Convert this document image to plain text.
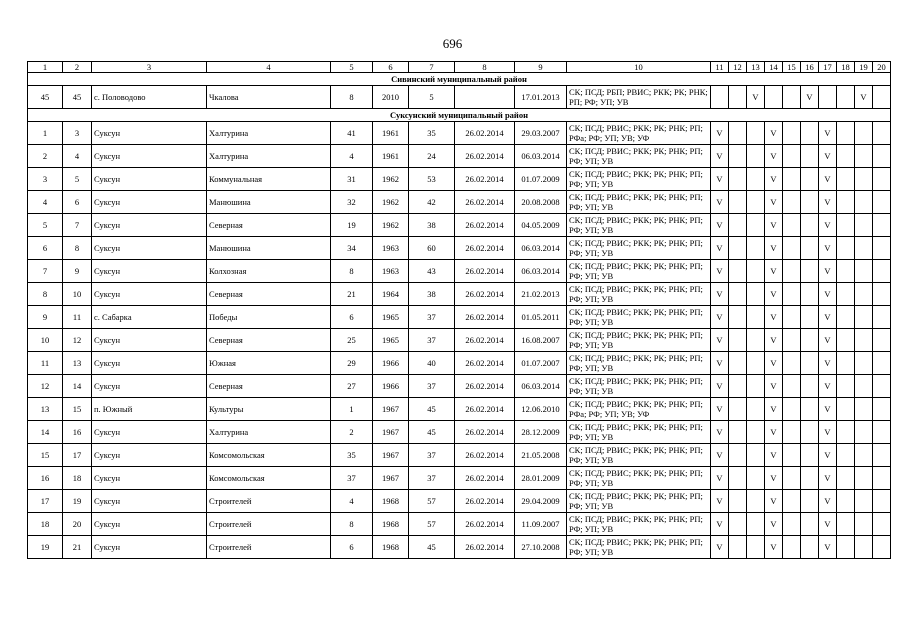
696
1	2	3	4	5	6	7	8	9	10	11	12	13	14	15	16	17	18	19	20
Сивинский муниципальный район																			
45	45	с. Половодово	Чкалова	8	2010	5		17.01.2013	СК; ПСД; РБП; РВИС; РКК; РК; РНК; РП; РФ; УП; УВ			V			V			V	
Суксунский муниципальный район																			
1	3	Суксун	Халтурина	41	1961	35	26.02.2014	29.03.2007	СК; ПСД; РВИС; РКК; РК; РНК; РП; РФа; РФ; УП; УВ; УФ	V			V			V			
2	4	Суксун	Халтурина	4	1961	24	26.02.2014	06.03.2014	СК; ПСД; РВИС; РКК; РК; РНК; РП; РФ; УП; УВ	V			V			V			
3	5	Суксун	Коммунальная	31	1962	53	26.02.2014	01.07.2009	СК; ПСД; РВИС; РКК; РК; РНК; РП; РФ; УП; УВ	V			V			V			
4	6	Суксун	Манюшина	32	1962	42	26.02.2014	20.08.2008	СК; ПСД; РВИС; РКК; РК; РНК; РП; РФ; УП; УВ	V			V			V			
5	7	Суксун	Северная	19	1962	38	26.02.2014	04.05.2009	СК; ПСД; РВИС; РКК; РК; РНК; РП; РФ; УП; УВ	V			V			V			
6	8	Суксун	Манюшина	34	1963	60	26.02.2014	06.03.2014	СК; ПСД; РВИС; РКК; РК; РНК; РП; РФ; УП; УВ	V			V			V			
7	9	Суксун	Колхозная	8	1963	43	26.02.2014	06.03.2014	СК; ПСД; РВИС; РКК; РК; РНК; РП; РФ; УП; УВ	V			V			V			
8	10	Суксун	Северная	21	1964	38	26.02.2014	21.02.2013	СК; ПСД; РВИС; РКК; РК; РНК; РП; РФ; УП; УВ	V			V			V			
9	11	с. Сабарка	Победы	6	1965	37	26.02.2014	01.05.2011	СК; ПСД; РВИС; РКК; РК; РНК; РП; РФ; УП; УВ	V			V			V			
10	12	Суксун	Северная	25	1965	37	26.02.2014	16.08.2007	СК; ПСД; РВИС; РКК; РК; РНК; РП; РФ; УП; УВ	V			V			V			
11	13	Суксун	Южная	29	1966	40	26.02.2014	01.07.2007	СК; ПСД; РВИС; РКК; РК; РНК; РП; РФ; УП; УВ	V			V			V			
12	14	Суксун	Северная	27	1966	37	26.02.2014	06.03.2014	СК; ПСД; РВИС; РКК; РК; РНК; РП; РФ; УП; УВ	V			V			V			
13	15	п. Южный	Культуры	1	1967	45	26.02.2014	12.06.2010	СК; ПСД; РВИС; РКК; РК; РНК; РП; РФа; РФ; УП; УВ; УФ	V			V			V			
14	16	Суксун	Халтурина	2	1967	45	26.02.2014	28.12.2009	СК; ПСД; РВИС; РКК; РК; РНК; РП; РФ; УП; УВ	V			V			V			
15	17	Суксун	Комсомольская	35	1967	37	26.02.2014	21.05.2008	СК; ПСД; РВИС; РКК; РК; РНК; РП; РФ; УП; УВ	V			V			V			
16	18	Суксун	Комсомольская	37	1967	37	26.02.2014	28.01.2009	СК; ПСД; РВИС; РКК; РК; РНК; РП; РФ; УП; УВ	V			V			V			
17	19	Суксун	Строителей	4	1968	57	26.02.2014	29.04.2009	СК; ПСД; РВИС; РКК; РК; РНК; РП; РФ; УП; УВ	V			V			V			
18	20	Суксун	Строителей	8	1968	57	26.02.2014	11.09.2007	СК; ПСД; РВИС; РКК; РК; РНК; РП; РФ; УП; УВ	V			V			V			
19	21	Суксун	Строителей	6	1968	45	26.02.2014	27.10.2008	СК; ПСД; РВИС; РКК; РК; РНК; РП; РФ; УП; УВ	V			V			V			
